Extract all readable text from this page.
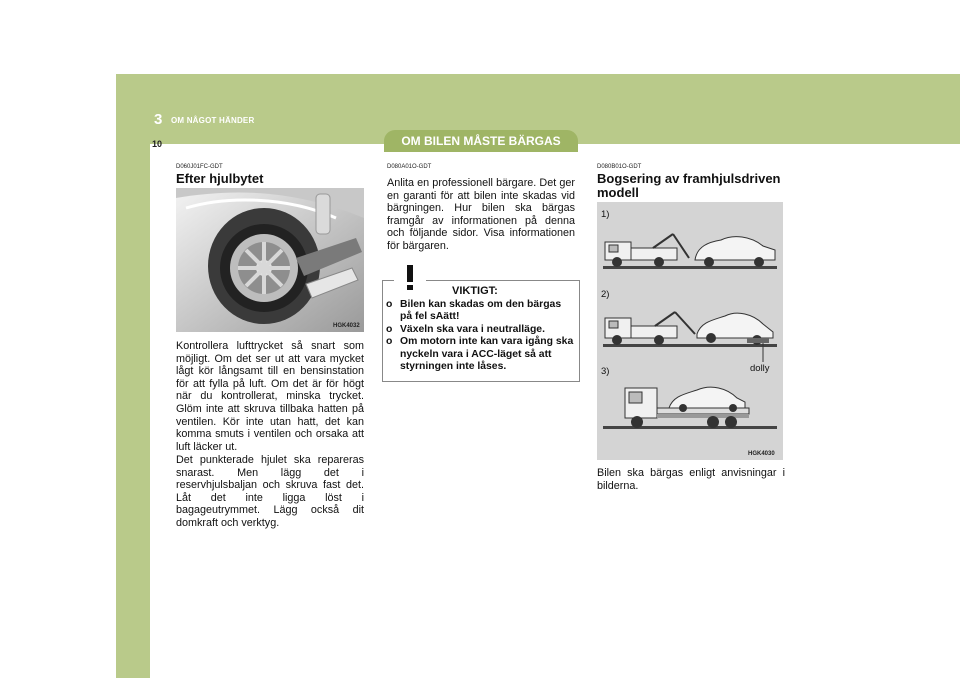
3 OM NÅGOT HÄNDER
10	OM BILEN MÅSTE BÄRGAS
D060J01FC-GDT
Efter hjulbytet
HGK4032
Kontrollera lufttrycket så snart som möjligt. Om det ser ut att vara mycket lågt kör långsamt till en bensinstation för att fylla på luft. Om det är för högt när du kontrollerat, minska trycket. Glöm inte att skruva tillbaka hatten på ventilen. Kör inte utan hatt, det kan komma smuts i ventilen och orsaka att luft läcker ut.
Det punkterade hjulet ska repareras snarast. Men lägg det i reservhjulsbaljan och skruva fast det. Låt det inte ligga löst i bagageutrymmet. Lägg också dit domkraft och verktyg.
D080A01O-GDT
Anlita en professionell bärgare. Det ger en garanti för att bilen inte skadas vid bärgningen. Hur bilen ska bärgas framgår av informationen på denna och följande sidor. Visa informationen för bärgaren.
VIKTIGT:
o Bilen kan skadas om den bärgas på fel sAätt!
o Växeln ska vara i neutralläge.
o Om motorn inte kan vara igång ska nyckeln vara i ACC-läget så att styrningen inte låses.
D080B01O-GDT
Bogsering av framhjulsdriven modell
1)
2)
3)	dolly
HGK4030
Bilen ska bärgas enligt anvisningar i bilderna.
